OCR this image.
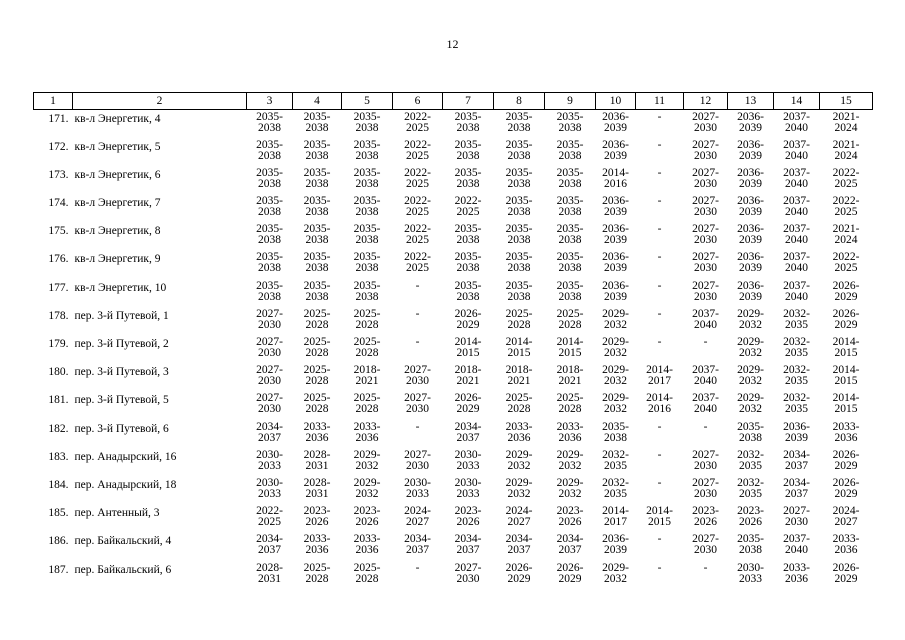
12
1	2	3	4	5	6	7	8	9	10	11	12	13	14	15
171.	кв-л Энергетик, 4	2035-
2038	2035-
2038	2035-
2038	2022-
2025	2035-
2038	2035-
2038	2035-
2038	2036-
2039	-	2027-
2030	2036-
2039	2037-
2040	2021-
2024
172.	кв-л Энергетик, 5	2035-
2038	2035-
2038	2035-
2038	2022-
2025	2035-
2038	2035-
2038	2035-
2038	2036-
2039	-	2027-
2030	2036-
2039	2037-
2040	2021-
2024
173.	кв-л Энергетик, 6	2035-
2038	2035-
2038	2035-
2038	2022-
2025	2035-
2038	2035-
2038	2035-
2038	2014-
2016	-	2027-
2030	2036-
2039	2037-
2040	2022-
2025
174.	кв-л Энергетик, 7	2035-
2038	2035-
2038	2035-
2038	2022-
2025	2022-
2025	2035-
2038	2035-
2038	2036-
2039	-	2027-
2030	2036-
2039	2037-
2040	2022-
2025
175.	кв-л Энергетик, 8	2035-
2038	2035-
2038	2035-
2038	2022-
2025	2035-
2038	2035-
2038	2035-
2038	2036-
2039	-	2027-
2030	2036-
2039	2037-
2040	2021-
2024
176.	кв-л Энергетик, 9	2035-
2038	2035-
2038	2035-
2038	2022-
2025	2035-
2038	2035-
2038	2035-
2038	2036-
2039	-	2027-
2030	2036-
2039	2037-
2040	2022-
2025
177.	кв-л Энергетик, 10	2035-
2038	2035-
2038	2035-
2038	-	2035-
2038	2035-
2038	2035-
2038	2036-
2039	-	2027-
2030	2036-
2039	2037-
2040	2026-
2029
178.	пер. 3-й Путевой, 1	2027-
2030	2025-
2028	2025-
2028	-	2026-
2029	2025-
2028	2025-
2028	2029-
2032	-	2037-
2040	2029-
2032	2032-
2035	2026-
2029
179.	пер. 3-й Путевой, 2	2027-
2030	2025-
2028	2025-
2028	-	2014-
2015	2014-
2015	2014-
2015	2029-
2032	-	-	2029-
2032	2032-
2035	2014-
2015
180.	пер. 3-й Путевой, 3	2027-
2030	2025-
2028	2018-
2021	2027-
2030	2018-
2021	2018-
2021	2018-
2021	2029-
2032	2014-
2017	2037-
2040	2029-
2032	2032-
2035	2014-
2015
181.	пер. 3-й Путевой, 5	2027-
2030	2025-
2028	2025-
2028	2027-
2030	2026-
2029	2025-
2028	2025-
2028	2029-
2032	2014-
2016	2037-
2040	2029-
2032	2032-
2035	2014-
2015
182.	пер. 3-й Путевой, 6	2034-
2037	2033-
2036	2033-
2036	-	2034-
2037	2033-
2036	2033-
2036	2035-
2038	-	-	2035-
2038	2036-
2039	2033-
2036
183.	пер. Анадырский, 16	2030-
2033	2028-
2031	2029-
2032	2027-
2030	2030-
2033	2029-
2032	2029-
2032	2032-
2035	-	2027-
2030	2032-
2035	2034-
2037	2026-
2029
184.	пер. Анадырский, 18	2030-
2033	2028-
2031	2029-
2032	2030-
2033	2030-
2033	2029-
2032	2029-
2032	2032-
2035	-	2027-
2030	2032-
2035	2034-
2037	2026-
2029
185.	пер. Антенный, 3	2022-
2025	2023-
2026	2023-
2026	2024-
2027	2023-
2026	2024-
2027	2023-
2026	2014-
2017	2014-
2015	2023-
2026	2023-
2026	2027-
2030	2024-
2027
186.	пер. Байкальский, 4	2034-
2037	2033-
2036	2033-
2036	2034-
2037	2034-
2037	2034-
2037	2034-
2037	2036-
2039	-	2027-
2030	2035-
2038	2037-
2040	2033-
2036
187.	пер. Байкальский, 6	2028-
2031	2025-
2028	2025-
2028	-	2027-
2030	2026-
2029	2026-
2029	2029-
2032	-	-	2030-
2033	2033-
2036	2026-
2029
